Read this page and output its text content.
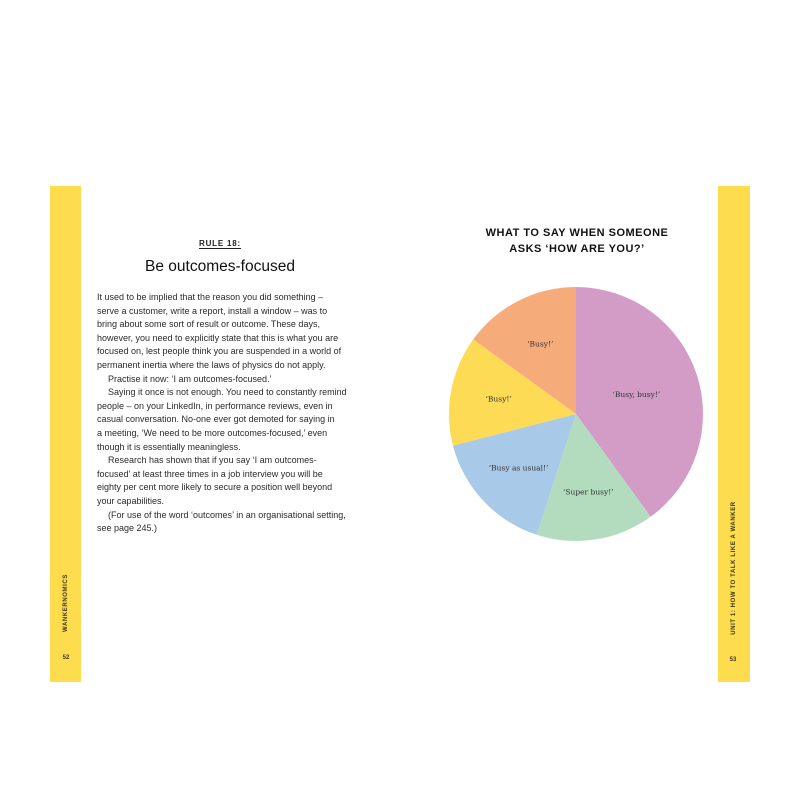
WANKERNOMICS
52
RULE 18:
Be outcomes-focused
It used to be implied that the reason you did something –
serve a customer, write a report, install a window – was to
bring about some sort of result or outcome. These days,
however, you need to explicitly state that this is what you are
focused on, lest people think you are suspended in a world of
permanent inertia where the laws of physics do not apply.
Practise it now: ‘I am outcomes-focused.’
Saying it once is not enough. You need to constantly remind
people – on your LinkedIn, in performance reviews, even in
casual conversation. No-one ever got demoted for saying in
a meeting, ‘We need to be more outcomes-focused,’ even
though it is essentially meaningless.
Research has shown that if you say ‘I am outcomes-
focused’ at least three times in a job interview you will be
eighty per cent more likely to secure a position well beyond
your capabilities.
(For use of the word ‘outcomes’ in an organisational setting,
see page 245.)	UNIT 1: HOW TO TALK LIKE A WANKER
53
WHAT TO SAY WHEN SOMEONE
ASKS ‘HOW ARE YOU?’
‘Busy, busy!’
‘Super busy!’
‘Busy as usual!’
‘Busy!’
‘Busy!’
